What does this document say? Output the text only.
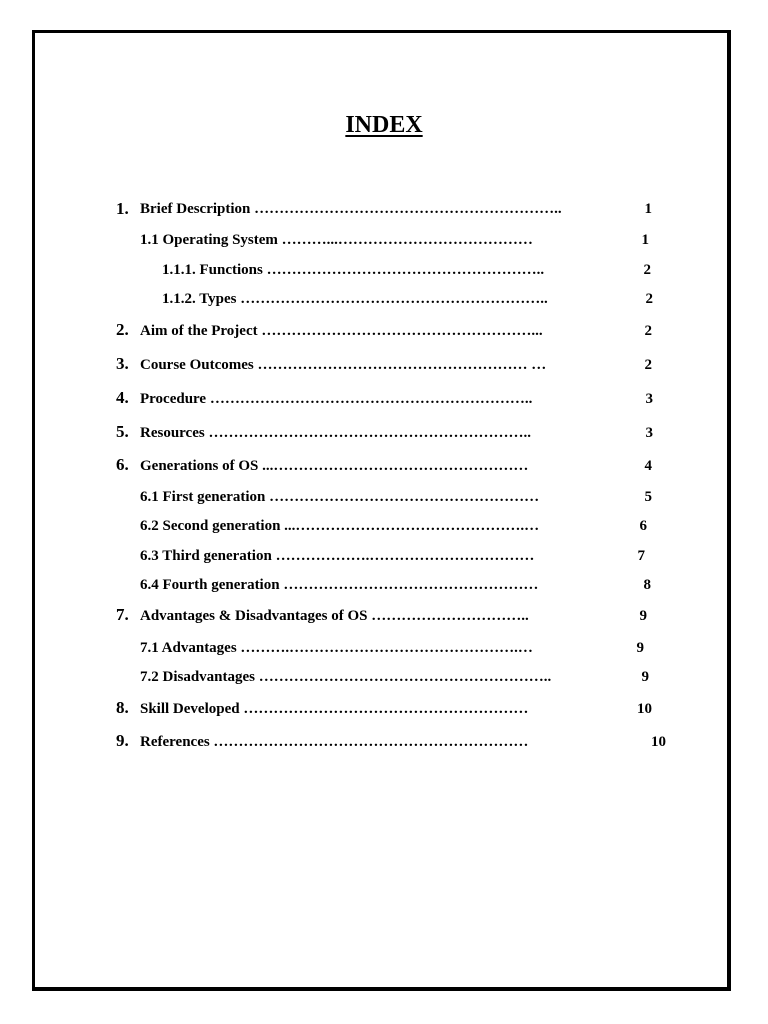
INDEX
1. Brief Description ……………………………………………………..	1
1.1 Operating System ………...…………………………………	1
1.1.1. Functions ………………………………………………..	2
1.1.2. Types ……………………………………………………..	2
2. Aim of the Project ………………………………………………...	2
3. Course Outcomes ……………………………………………… …	2
4. Procedure ………………………………………………………..	3
5. Resources ………………………………………………………..	3
6. Generations of OS ...……………………………………………	4
6.1 First generation ………………………………………………	5
6.2 Second generation ...……………………………………….…	6
6.3 Third generation ……………….……………………………	7
6.4 Fourth generation ……………………………………………	8
7. Advantages & Disadvantages of OS …………………………..	9
7.1 Advantages ……….……………………………………….…	9
7.2 Disadvantages …………………………………………………..	9
8. Skill Developed …………………………………………………	10
9. References ………………………………………………………	10
